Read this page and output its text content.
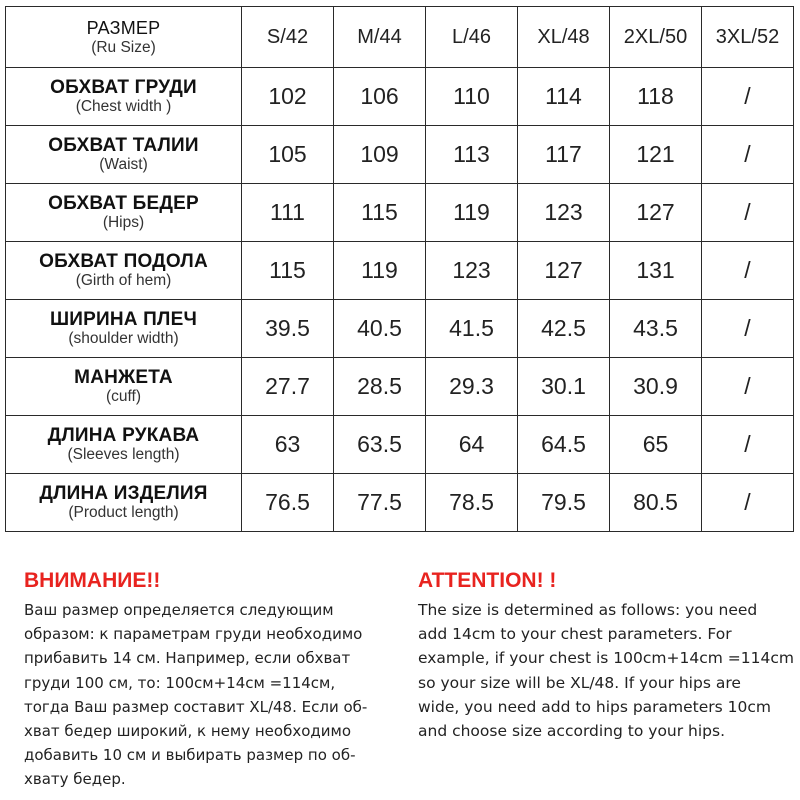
РАЗМЕР
(Ru Size)	S/42	M/44	L/46	XL/48	2XL/50	3XL/52

ОБХВАТ ГРУДИ
(Chest width )	102	106	110	114	118	/

ОБХВАТ ТАЛИИ
(Waist)	105	109	113	117	121	/

ОБХВАТ БЕДЕР
(Hips)	111	115	119	123	127	/

ОБХВАТ ПОДОЛА
(Girth of hem)	115	119	123	127	131	/

ШИРИНА ПЛЕЧ
(shoulder width)	39.5	40.5	41.5	42.5	43.5	/

МАНЖЕТА
(cuff)	27.7	28.5	29.3	30.1	30.9	/

ДЛИНА РУКАВА
(Sleeves length)	63	63.5	64	64.5	65	/

ДЛИНА ИЗДЕЛИЯ
(Product length)	76.5	77.5	78.5	79.5	80.5	/
ВНИМАНИЕ!!

Ваш размер определяется следующим
образом: к параметрам груди необходимо
прибавить 14 см. Например, если обхват
груди 100 см, то: 100см+14см =114см,
тогда Ваш размер составит XL/48. Если об-
хват бедер широкий, к нему необходимо
добавить 10 см и выбирать размер по об-
хвату бедер.

ATTENTION! !

The size is determined as follows: you need
add 14cm to your chest parameters. For
example, if your chest is 100cm+14cm =114cm
so your size will be XL/48. If your hips are
wide, you need add to hips parameters 10cm
and choose size according to your hips.
